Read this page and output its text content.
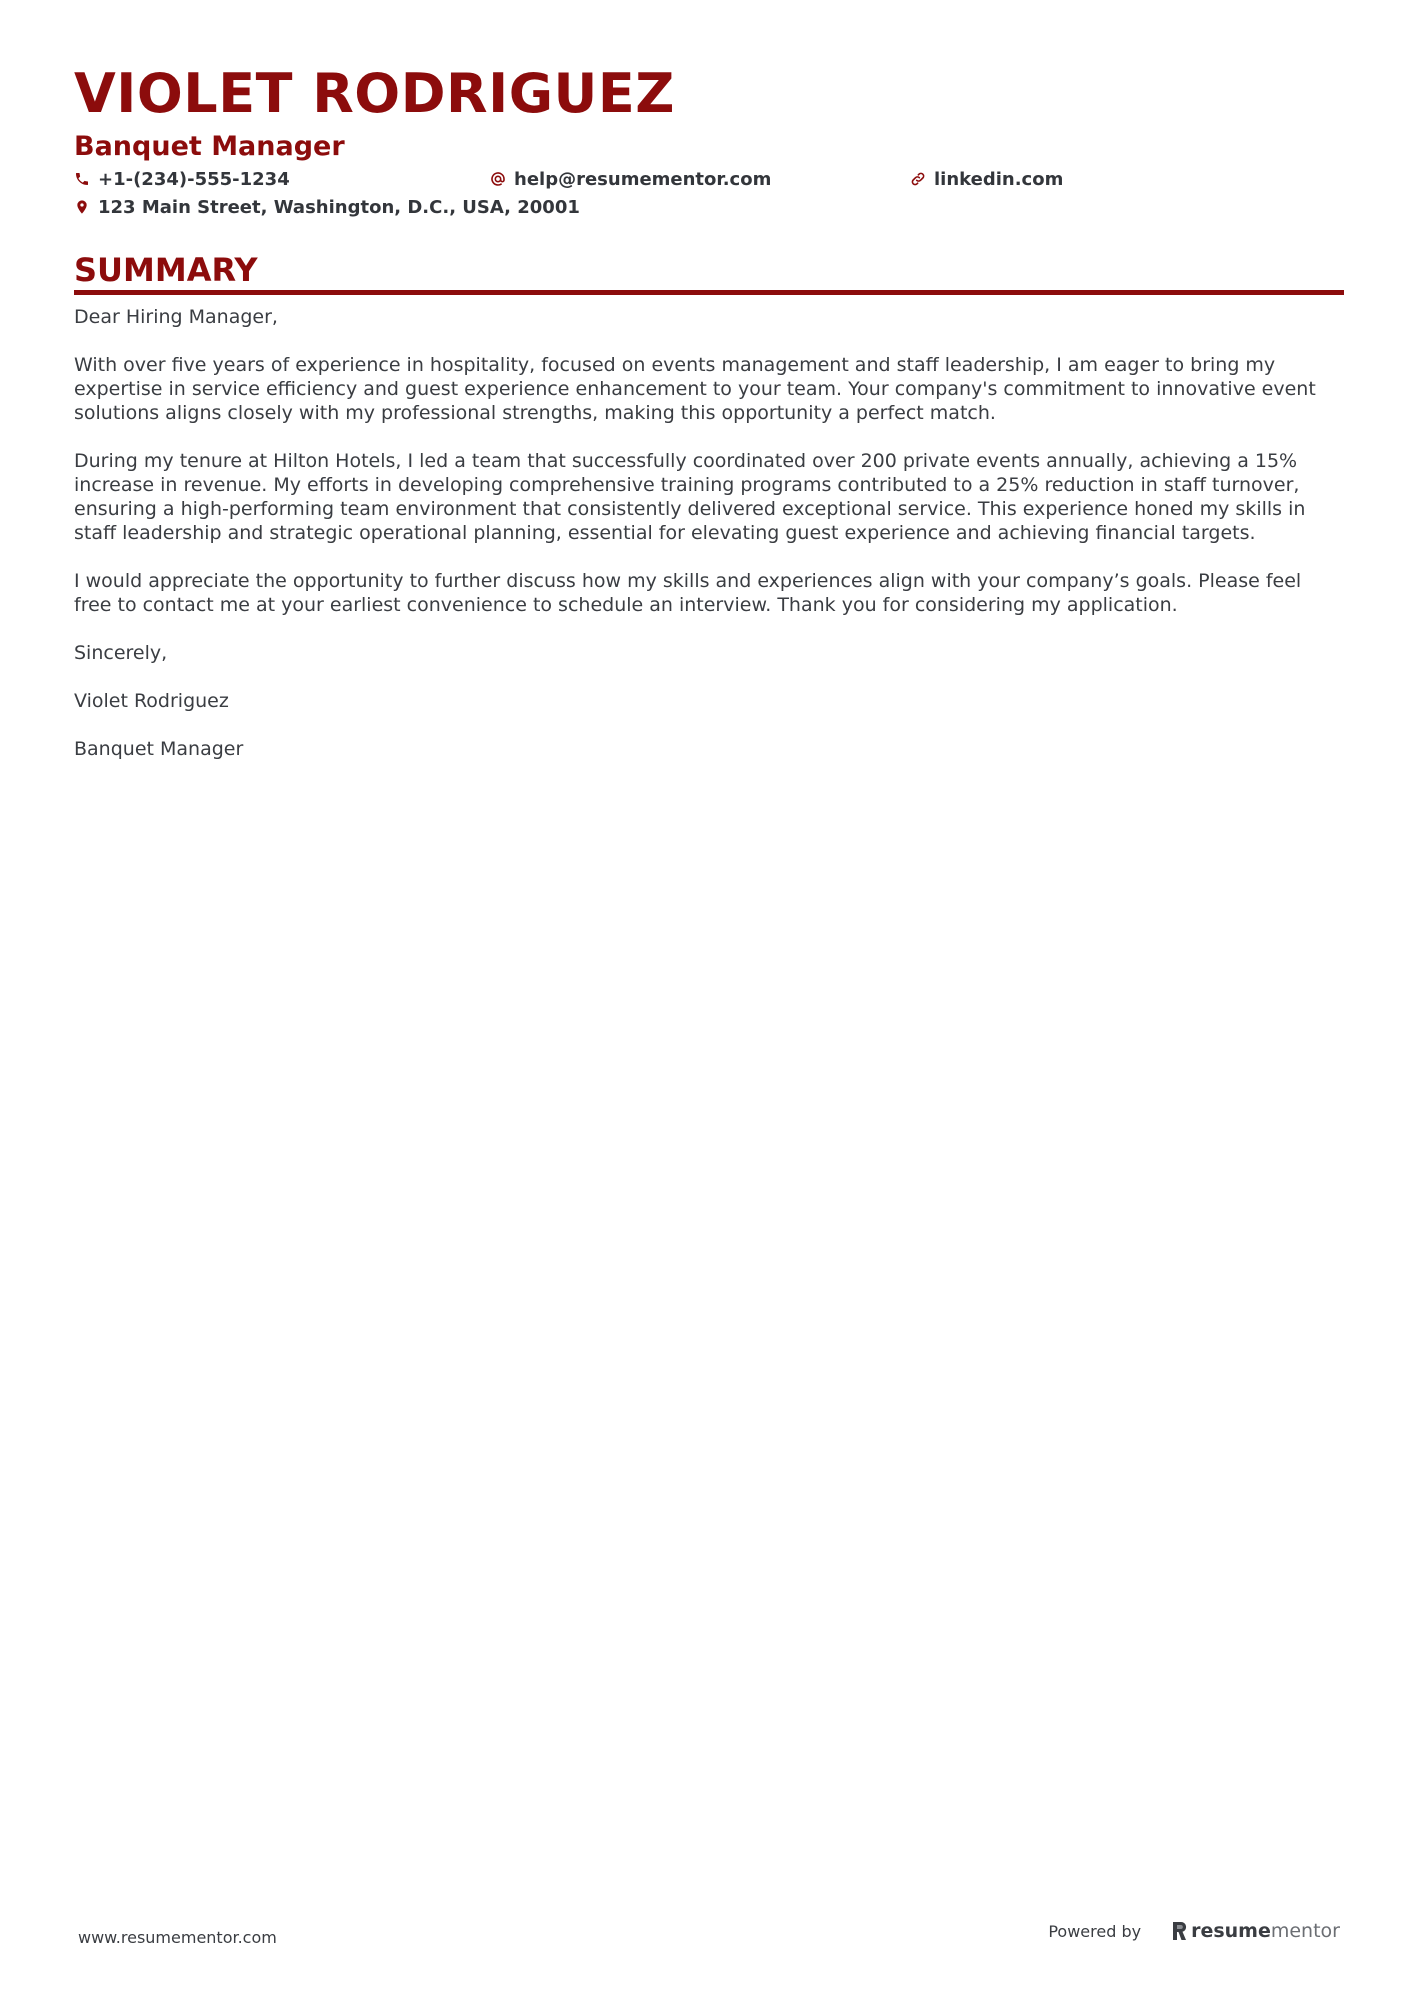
VIOLET RODRIGUEZ
Banquet Manager
+1-(234)-555-1234	help@resumementor.com	linkedin.com
123 Main Street, Washington, D.C., USA, 20001
SUMMARY

Dear Hiring Manager,

With over five years of experience in hospitality, focused on events management and staff leadership, I am eager to bring my expertise in service efficiency and guest experience enhancement to your team. Your company's commitment to innovative event solutions aligns closely with my professional strengths, making this opportunity a perfect match.

During my tenure at Hilton Hotels, I led a team that successfully coordinated over 200 private events annually, achieving a 15% increase in revenue. My efforts in developing comprehensive training programs contributed to a 25% reduction in staff turnover, ensuring a high-performing team environment that consistently delivered exceptional service. This experience honed my skills in staff leadership and strategic operational planning, essential for elevating guest experience and achieving financial targets.

I would appreciate the opportunity to further discuss how my skills and experiences align with your company’s goals. Please feel free to contact me at your earliest convenience to schedule an interview. Thank you for considering my application.

Sincerely,

Violet Rodriguez

Banquet Manager

www.resumementor.com	Powered by	resume mentor
